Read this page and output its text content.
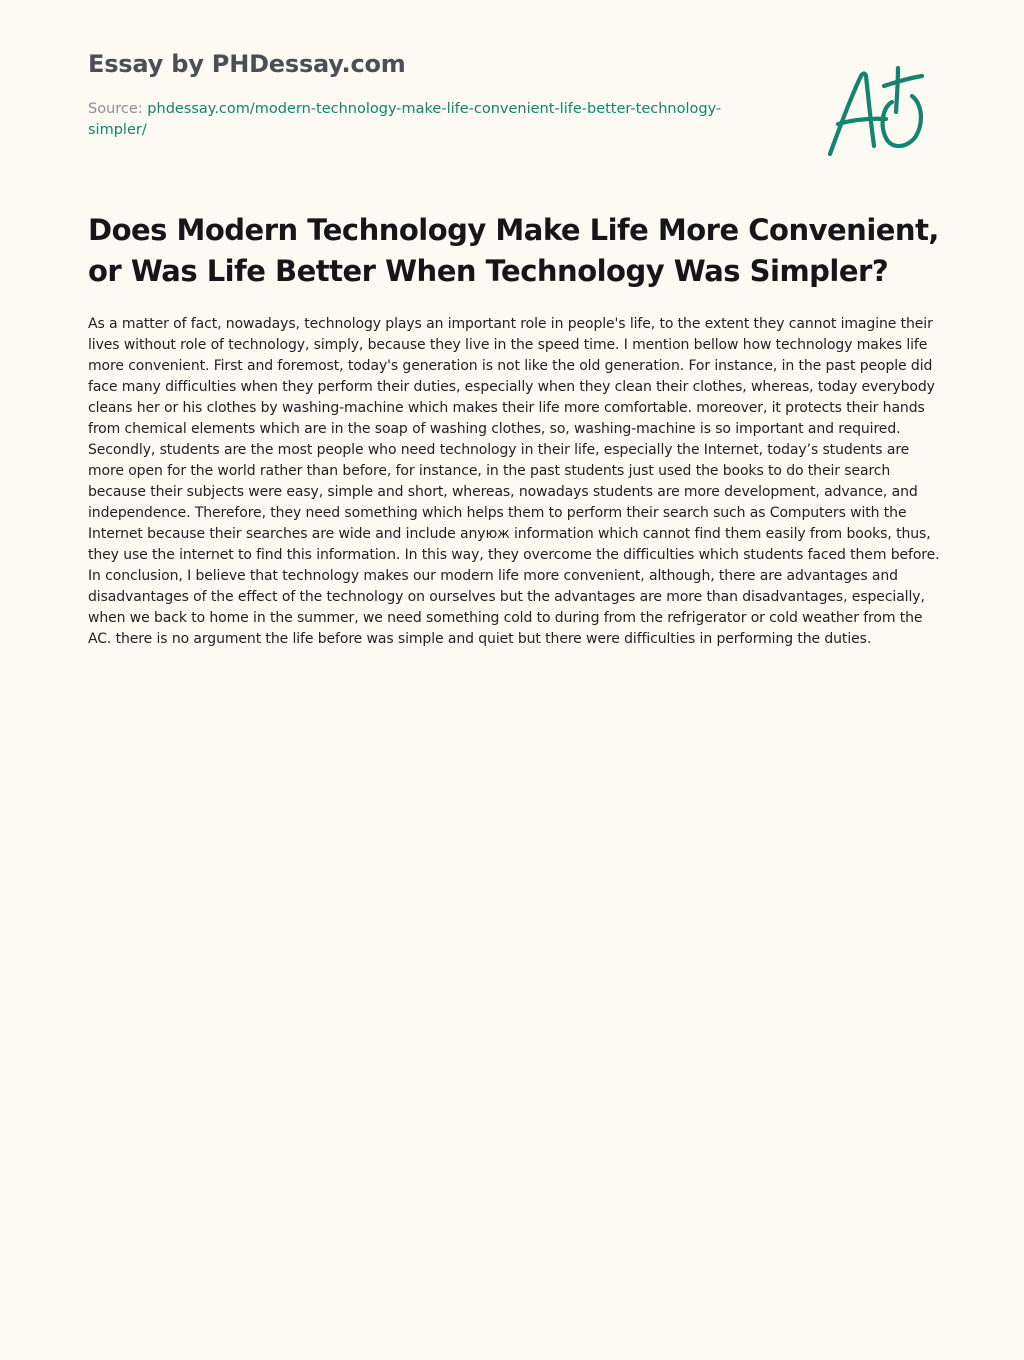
Essay by PHDessay.com
Source: phdessay.com/modern-technology-make-life-convenient-life-better-technology-simpler/
Does Modern Technology Make Life More Convenient, or Was Life Better When Technology Was Simpler?

As a matter of fact, nowadays, technology plays an important role in people's life, to the extent they cannot imagine their lives without role of technology, simply, because they live in the speed time. I mention bellow how technology makes life more convenient. First and foremost, today's generation is not like the old generation. For instance, in the past people did face many difficulties when they perform their duties, especially when they clean their clothes, whereas, today everybody cleans her or his clothes by washing-machine which makes their life more comfortable. moreover, it protects their hands from chemical elements which are in the soap of washing clothes, so, washing-machine is so important and required. Secondly, students are the most people who need technology in their life, especially the Internet, today’s students are more open for the world rather than before, for instance, in the past students just used the books to do their search because their subjects were easy, simple and short, whereas, nowadays students are more development, advance, and independence. Therefore, they need something which helps them to perform their search such as Computers with the Internet because their searches are wide and include anyюж information which cannot find them easily from books, thus, they use the internet to find this information. In this way, they overcome the difficulties which students faced them before. In conclusion, I believe that technology makes our modern life more convenient, although, there are advantages and disadvantages of the effect of the technology on ourselves but the advantages are more than disadvantages, especially, when we back to home in the summer, we need something cold to during from the refrigerator or cold weather from the AC. there is no argument the life before was simple and quiet but there were difficulties in performing the duties.
